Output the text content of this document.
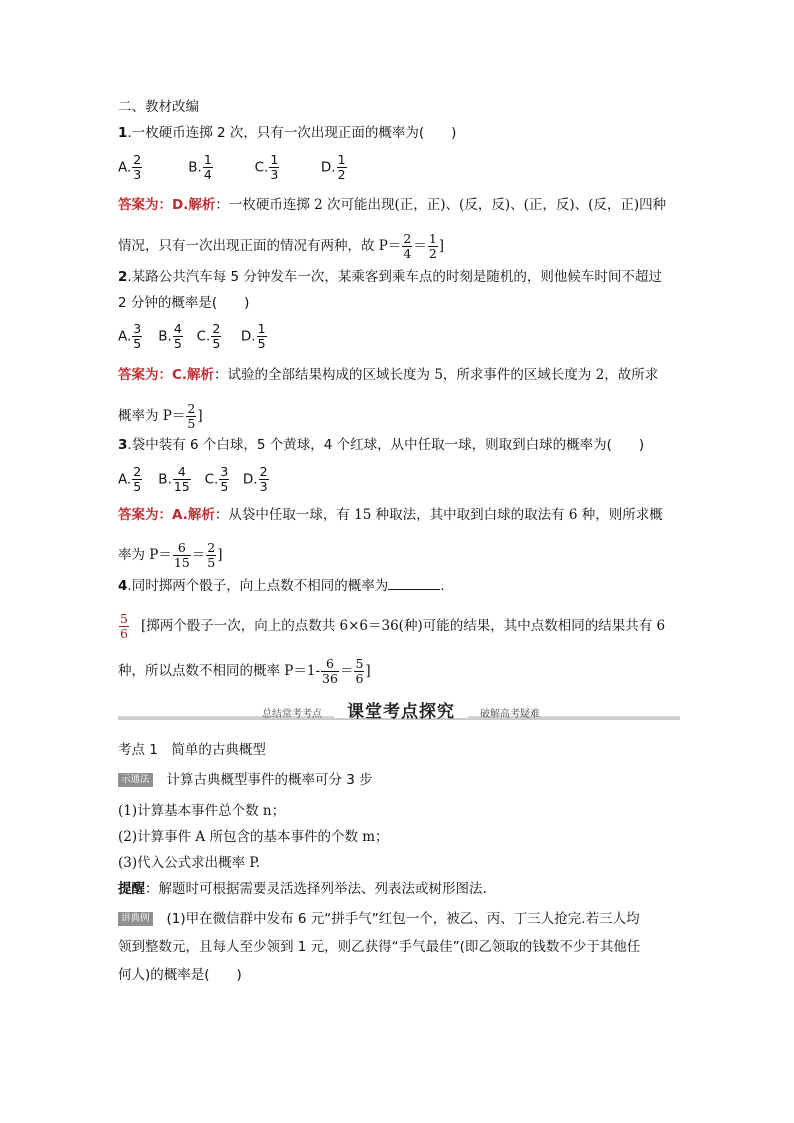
二、教材改编
1.一枚硬币连掷 2 次，只有一次出现正面的概率为(　　)
A. $\frac{2}{3}$	B. $\frac{1}{4}$	C. $\frac{1}{3}$	D. $\frac{1}{2}$
答案为：D.解析：一枚硬币连掷 2 次可能出现(正，正)、(反，反)、(正，反)、(反，正)四种
情况，只有一次出现正面的情况有两种，故 $P= \frac{2}{4} = \frac{1}{2}$ ]
2.某路公共汽车每 5 分钟发车一次，某乘客到乘车点的时刻是随机的，则他候车时间不超过
2 分钟的概率是(　　)
A. $\frac{3}{5} B$. $\frac{4}{5} C$. $\frac{2}{5} D$. $\frac{1}{5}$
答案为：C.解析：试验的全部结果构成的区域长度为 5，所求事件的区域长度为 2，故所求
概率为 $P= \frac{2}{5}$ ]
3.袋中装有 6 个白球，5 个黄球，4 个红球，从中任取一球，则取到白球的概率为(　　)
A. $\frac{2}{5} B$. $\frac{4}{15} C$. $\frac{3}{5} D$. $\frac{2}{3}$
答案为：A.解析：从袋中任取一球，有 15 种取法，其中取到白球的取法有 6 种，则所求概
率为 $P= \frac{6}{15} = \frac{2}{5}$ ]
4.同时掷两个骰子，向上点数不相同的概率为	.
$\frac{5}{6}$ [掷两个骰子一次，向上的点数共 6×6＝36(种)可能的结果，其中点数相同的结果共有 6
种，所以点数不相同的概率 $P=1- \frac{6}{36} = \frac{5}{6}$ ]
总结常考考点	课堂考点探究	破解高考疑难
考点 1　简单的古典概型
示通法 计算古典概型事件的概率可分 3 步
(1)计算基本事件总个数 n；
(2)计算事件 A 所包含的基本事件的个数 m；
(3)代入公式求出概率 P.
提醒：解题时可根据需要灵活选择列举法、列表法或树形图法.
讲典例 (1)甲在微信群中发布 6 元“拼手气”红包一个，被乙、丙、丁三人抢完.若三人均
领到整数元，且每人至少领到 1 元，则乙获得“手气最佳”(即乙领取的钱数不少于其他任
何人)的概率是(　　)
